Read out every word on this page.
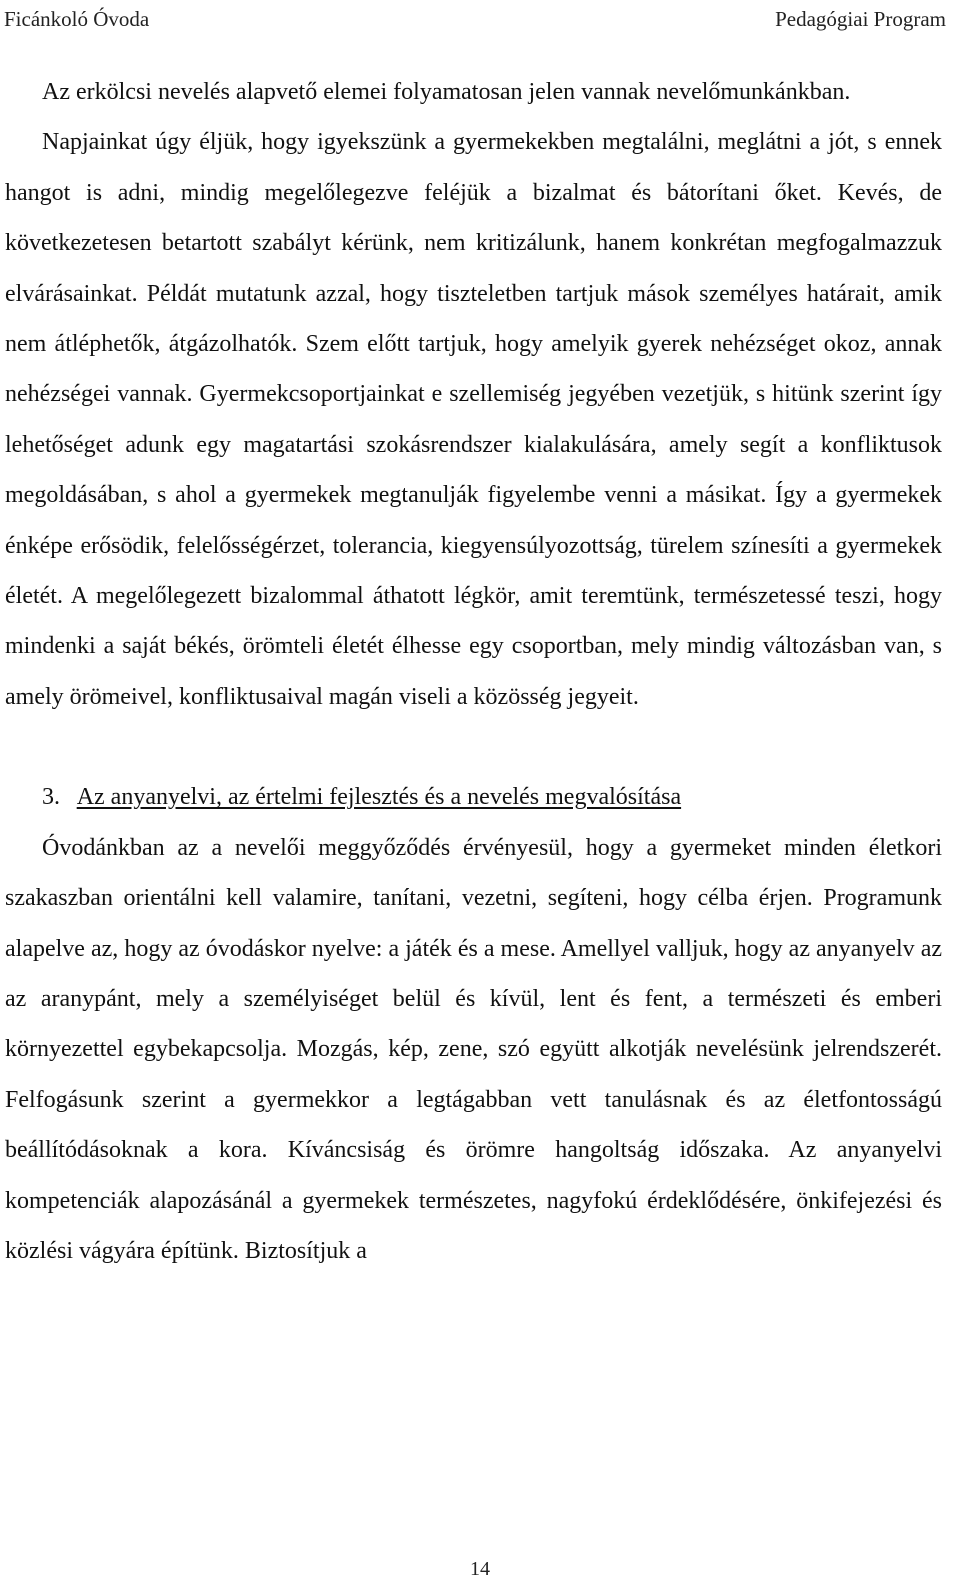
Ficánkoló Óvoda	Pedagógiai Program

Az erkölcsi nevelés alapvető elemei folyamatosan jelen vannak nevelőmunkánkban.

Napjainkat úgy éljük, hogy igyekszünk a gyermekekben megtalálni, meglátni a jót, s ennek hangot is adni, mindig megelőlegezve feléjük a bizalmat és bátorítani őket. Kevés, de következetesen betartott szabályt kérünk, nem kritizálunk, hanem konkrétan megfogalmazzuk elvárásainkat. Példát mutatunk azzal, hogy tiszteletben tartjuk mások személyes határait, amik nem átléphetők, átgázolhatók. Szem előtt tartjuk, hogy amelyik gyerek nehézséget okoz, annak nehézségei vannak. Gyermekcsoportjainkat e szellemiség jegyében vezetjük, s hitünk szerint így lehetőséget adunk egy magatartási szokásrendszer kialakulására, amely segít a konfliktusok megoldásában, s ahol a gyermekek megtanulják figyelembe venni a másikat. Így a gyermekek énképe erősödik, felelősségérzet, tolerancia, kiegyensúlyozottság, türelem színesíti a gyermekek életét. A megelőlegezett bizalommal áthatott légkör, amit teremtünk, természetessé teszi, hogy mindenki a saját békés, örömteli életét élhesse egy csoportban, mely mindig változásban van, s amely örömeivel, konfliktusaival magán viseli a közösség jegyeit.

3. Az anyanyelvi, az értelmi fejlesztés és a nevelés megvalósítása

Óvodánkban az a nevelői meggyőződés érvényesül, hogy a gyermeket minden életkori szakaszban orientálni kell valamire, tanítani, vezetni, segíteni, hogy célba érjen. Programunk alapelve az, hogy az óvodáskor nyelve: a játék és a mese. Amellyel valljuk, hogy az anyanyelv az az aranypánt, mely a személyiséget belül és kívül, lent és fent, a természeti és emberi környezettel egybekapcsolja. Mozgás, kép, zene, szó együtt alkotják nevelésünk jelrendszerét. Felfogásunk szerint a gyermekkor a legtágabban vett tanulásnak és az életfontosságú beállítódásoknak a kora. Kíváncsiság és örömre hangoltság időszaka. Az anyanyelvi kompetenciák alapozásánál a gyermekek természetes, nagyfokú érdeklődésére, önkifejezési és közlési vágyára építünk. Biztosítjuk a

14
